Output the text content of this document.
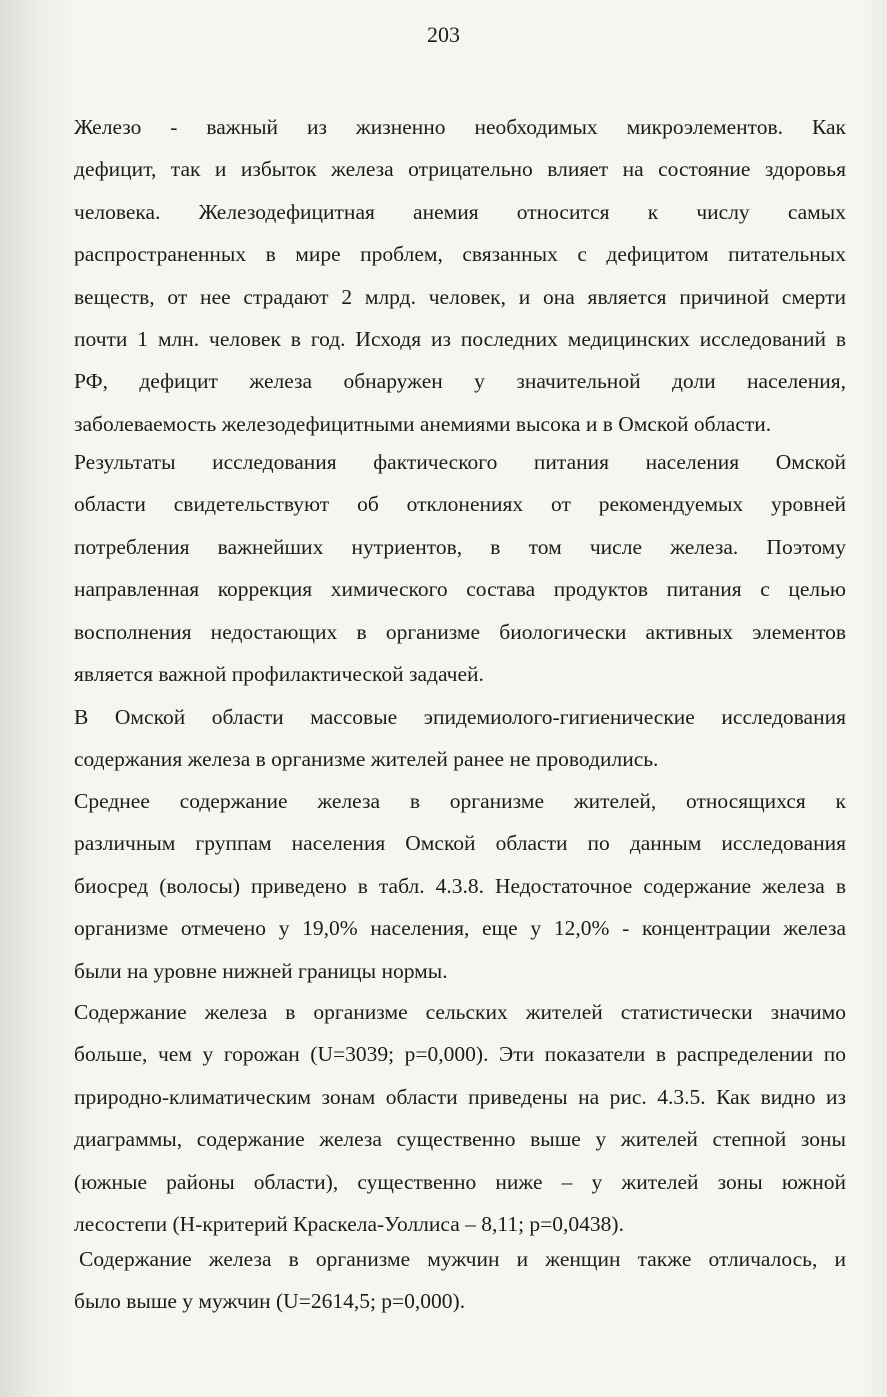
203
Железо - важный из жизненно необходимых микроэлементов. Как
дефицит, так и избыток железа отрицательно влияет на состояние здоровья
человека. Железодефицитная анемия относится к числу самых
распространенных в мире проблем, связанных с дефицитом питательных
веществ, от нее страдают 2 млрд. человек, и она является причиной смерти
почти 1 млн. человек в год. Исходя из последних медицинских исследований в
РФ, дефицит железа обнаружен у значительной доли населения,
заболеваемость железодефицитными анемиями высока и в Омской области.
Результаты исследования фактического питания населения Омской
области свидетельствуют об отклонениях от рекомендуемых уровней
потребления важнейших нутриентов, в том числе железа. Поэтому
направленная коррекция химического состава продуктов питания с целью
восполнения недостающих в организме биологически активных элементов
является важной профилактической задачей.
В Омской области массовые эпидемиолого-гигиенические исследования
содержания железа в организме жителей ранее не проводились.
Среднее содержание железа в организме жителей, относящихся к
различным группам населения Омской области по данным исследования
биосред (волосы) приведено в табл. 4.3.8. Недостаточное содержание железа в
организме отмечено у 19,0% населения, еще у 12,0% - концентрации железа
были на уровне нижней границы нормы.
Содержание железа в организме сельских жителей статистически значимо
больше, чем у горожан (U=3039; p=0,000). Эти показатели в распределении по
природно-климатическим зонам области приведены на рис. 4.3.5. Как видно из
диаграммы, содержание железа существенно выше у жителей степной зоны
(южные районы области), существенно ниже – у жителей зоны южной
лесостепи (Н-критерий Краскела-Уоллиса – 8,11; p=0,0438).
Содержание железа в организме мужчин и женщин также отличалось, и
было выше у мужчин (U=2614,5; p=0,000).
